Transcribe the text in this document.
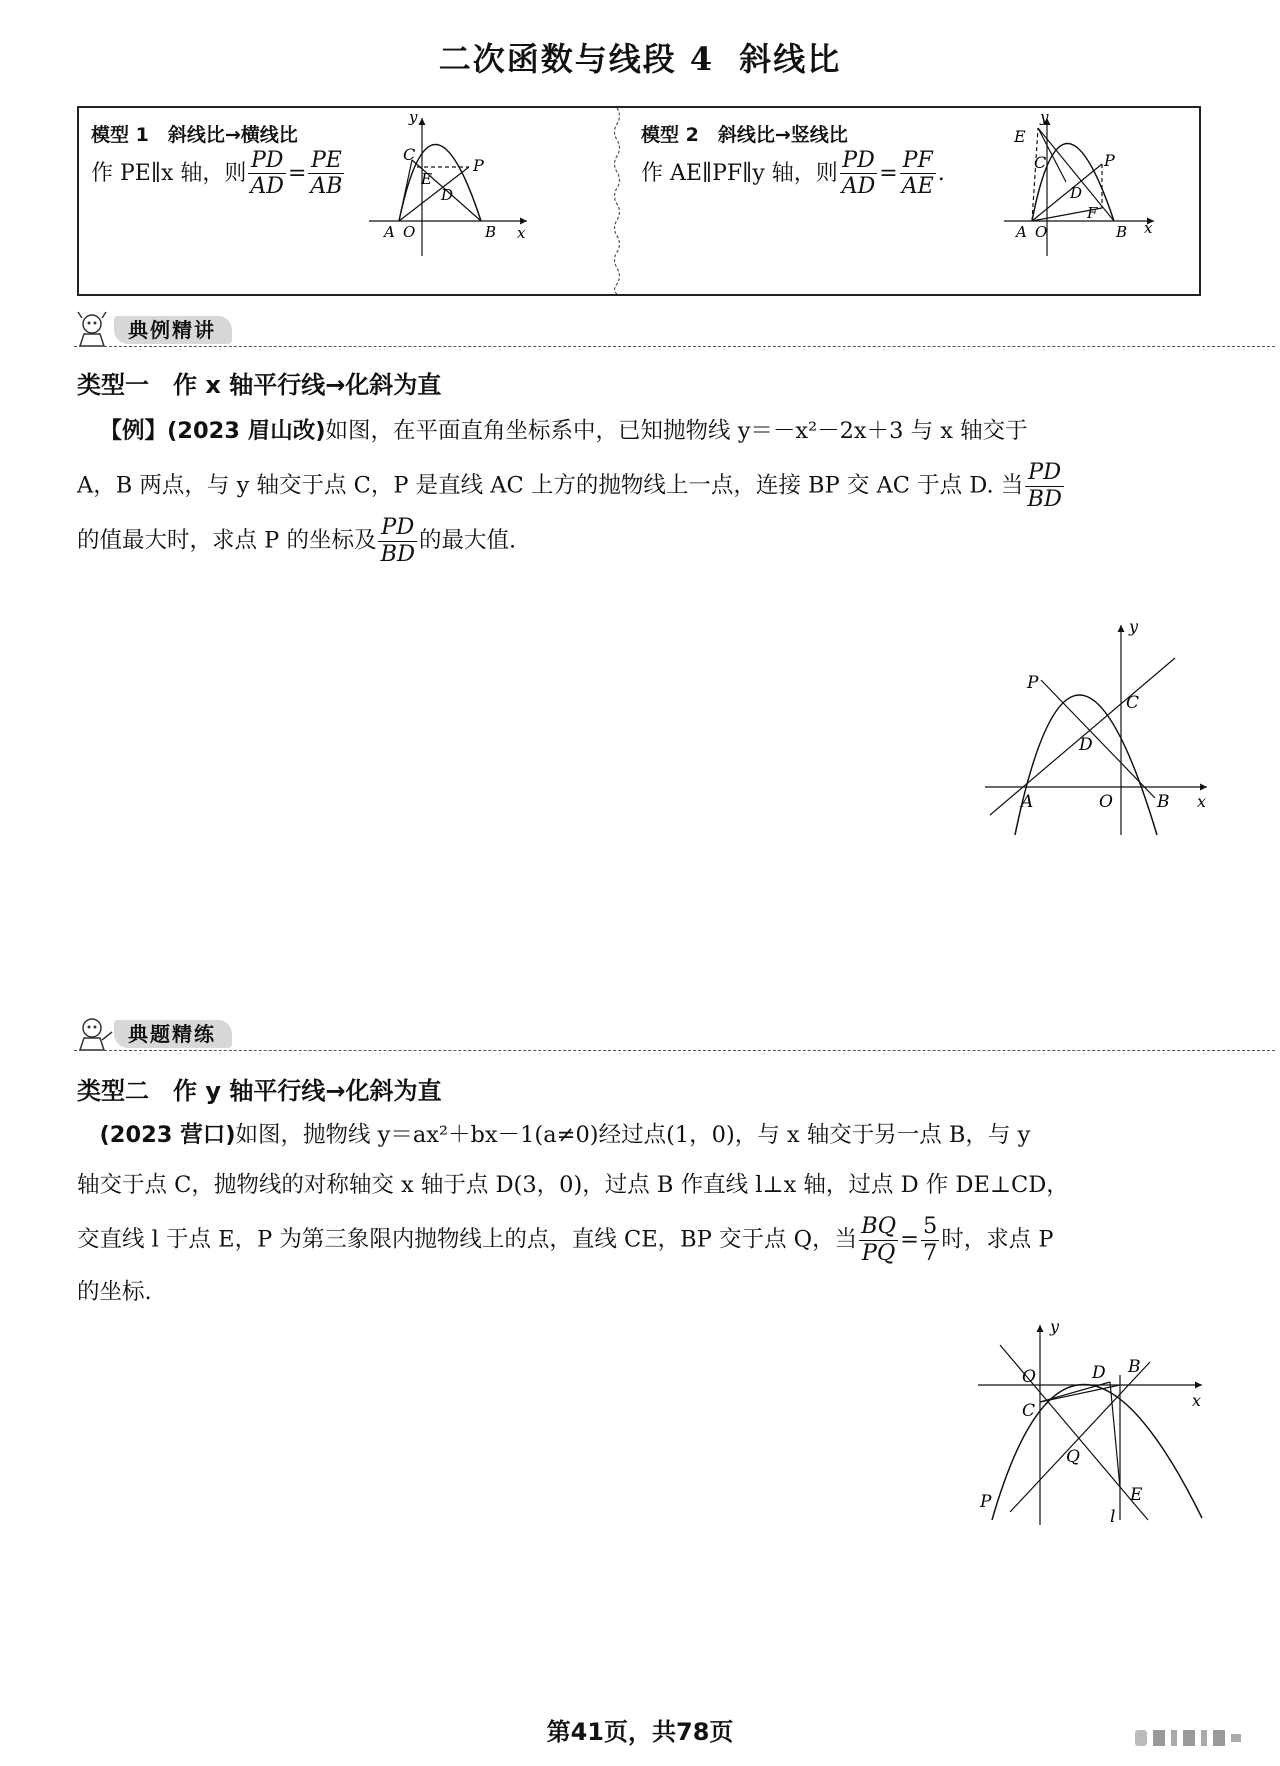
二次函数与线段 4 斜线比
模型 1　斜线比→横线比
作 PE∥x 轴，则 $\frac{PD}{AD} = \frac{PE}{AB}$
y
x
C
P
E
D
A O	B
模型 2　斜线比→竖线比
作 AE∥PF∥y 轴，则 $\frac{PD}{AD} = \frac{PF}{AE}$ .
y
x
E
C	P
D
F
A O	B
典例精讲
类型一　作 x 轴平行线→化斜为直
【例】(2023 眉山改)如图，在平面直角坐标系中，已知抛物线 y＝－x²－2x＋3 与 x 轴交于
A，B 两点，与 y 轴交于点 C，P 是直线 AC 上方的抛物线上一点，连接 BP 交 AC 于点 D. 当 $\frac{PD}{BD}$
的值最大时，求点 P 的坐标及 $\frac{PD}{BD}$ 的最大值.
y
x
P
C
D
A	O	B
典题精练
类型二　作 y 轴平行线→化斜为直
(2023 营口)如图，抛物线 y＝ax²＋bx－1(a≠0)经过点(1，0)，与 x 轴交于另一点 B，与 y
轴交于点 C，抛物线的对称轴交 x 轴于点 D(3，0)，过点 B 作直线 l⊥x 轴，过点 D 作 DE⊥CD，
交直线 l 于点 E，P 为第三象限内抛物线上的点，直线 CE，BP 交于点 Q，当 $\frac{BQ}{PQ} = \frac{5}{7}$ 时，求点 P
的坐标.
y
x
O	D B
C
Q
P	E
l
第41页，共78页
